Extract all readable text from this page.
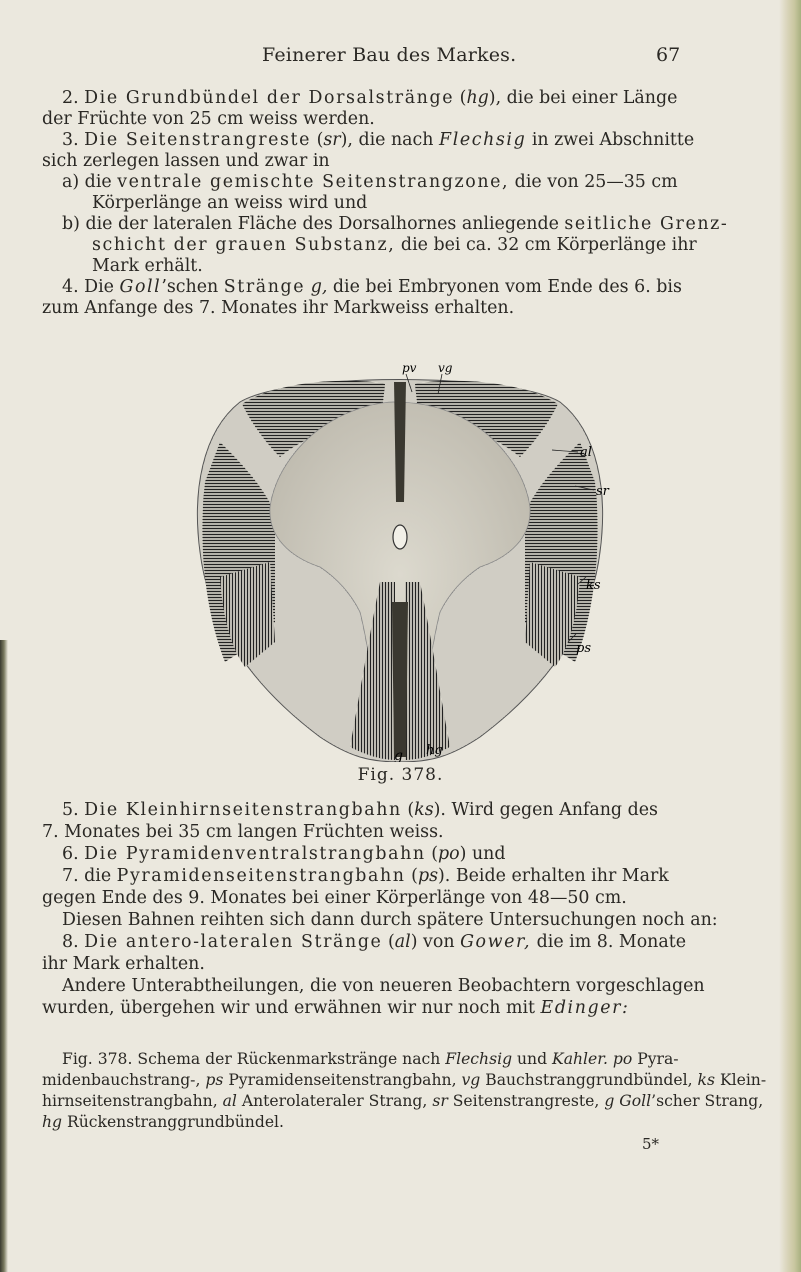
Feinerer Bau des Markes.	67
2. Die Grundbündel der Dorsalstränge (hg), die bei einer Länge
der Früchte von 25 cm weiss werden.
3. Die Seitenstrangreste (sr), die nach Flechsig in zwei Abschnitte
sich zerlegen lassen und zwar in
a) die ventrale gemischte Seitenstrangzone, die von 25—35 cm
Körperlänge an weiss wird und
b) die der lateralen Fläche des Dorsalhornes anliegende seitliche Grenz-
schicht der grauen Substanz, die bei ca. 32 cm Körperlänge ihr
Mark erhält.
4. Die Goll’schen Stränge g, die bei Embryonen vom Ende des 6. bis
zum Anfange des 7. Monates ihr Markweiss erhalten.
pv vg
al
sr
ks
ps
g hg
Fig. 378.
5. Die Kleinhirnseitenstrangbahn (ks). Wird gegen Anfang des
7. Monates bei 35 cm langen Früchten weiss.
6. Die Pyramidenventralstrangbahn (po) und
7. die Pyramidenseitenstrangbahn (ps). Beide erhalten ihr Mark
gegen Ende des 9. Monates bei einer Körperlänge von 48—50 cm.
Diesen Bahnen reihten sich dann durch spätere Untersuchungen noch an:
8. Die antero-lateralen Stränge (al) von Gower, die im 8. Monate
ihr Mark erhalten.
Andere Unterabtheilungen, die von neueren Beobachtern vorgeschlagen
wurden, übergehen wir und erwähnen wir nur noch mit Edinger:
Fig. 378. Schema der Rückenmarkstränge nach Flechsig und Kahler. po Pyra-
midenbauchstrang-, ps Pyramidenseitenstrangbahn, vg Bauchstranggrundbündel, ks Klein-
hirnseitenstrangbahn, al Anterolateraler Strang, sr Seitenstrangreste, g Goll’scher Strang,
hg Rückenstranggrundbündel.
5*
